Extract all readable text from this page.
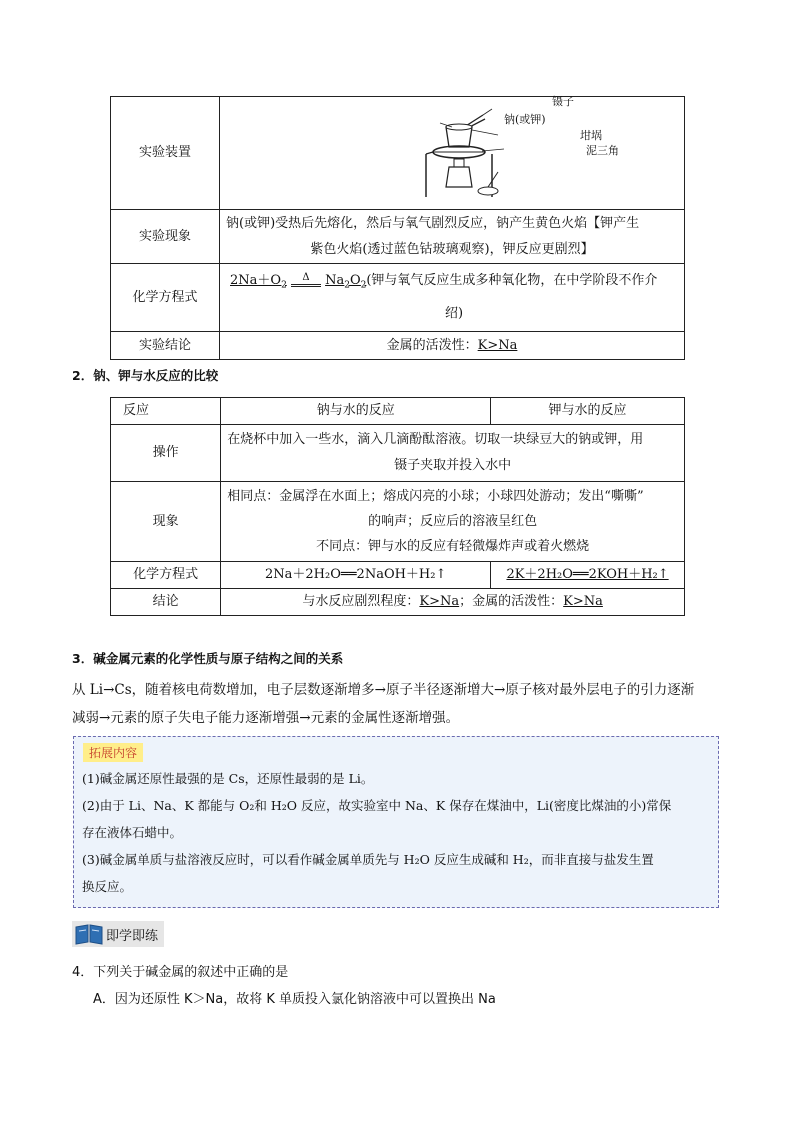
实验装置	镊子
钠(或钾)
坩埚
泥三角

实验现象	钠(或钾)受热后先熔化，然后与氧气剧烈反应，钠产生黄色火焰【钾产生
紫色火焰(透过蓝色钴玻璃观察)，钾反应更剧烈】

化学方程式	$2Na+O_2$ Δ $Na_2O_2$(钾与氧气反应生成多种氧化物，在中学阶段不作介
绍)

实验结论	金属的活泼性：K>Na
2．钠、钾与水反应的比较
反应	钠与水的反应	钾与水的反应
操作	在烧杯中加入一些水，滴入几滴酚酞溶液。切取一块绿豆大的钠或钾，用
镊子夹取并投入水中	

现象	相同点：金属浮在水面上；熔成闪亮的小球；小球四处游动；发出“嘶嘶”
的响声；反应后的溶液呈红色
不同点：钾与水的反应有轻微爆炸声或着火燃烧	

化学方程式	2Na＋2H₂O══2NaOH＋H₂↑	2K＋2H₂O══2KOH＋H₂↑
结论	与水反应剧烈程度：K>Na；金属的活泼性：K>Na	
3．碱金属元素的化学性质与原子结构之间的关系
从 Li→Cs，随着核电荷数增加，电子层数逐渐增多→原子半径逐渐增大→原子核对最外层电子的引力逐渐
减弱→元素的原子失电子能力逐渐增强→元素的金属性逐渐增强。
拓展内容

(1)碱金属还原性最强的是 Cs，还原性最弱的是 Li。

(2)由于 Li、Na、K 都能与 O₂和 H₂O 反应，故实验室中 Na、K 保存在煤油中，Li(密度比煤油的小)常保

存在液体石蜡中。

(3)碱金属单质与盐溶液反应时，可以看作碱金属单质先与 H₂O 反应生成碱和 H₂，而非直接与盐发生置

换反应。

即学即练
4．下列关于碱金属的叙述中正确的是
A．因为还原性 K＞Na，故将 K 单质投入氯化钠溶液中可以置换出 Na
